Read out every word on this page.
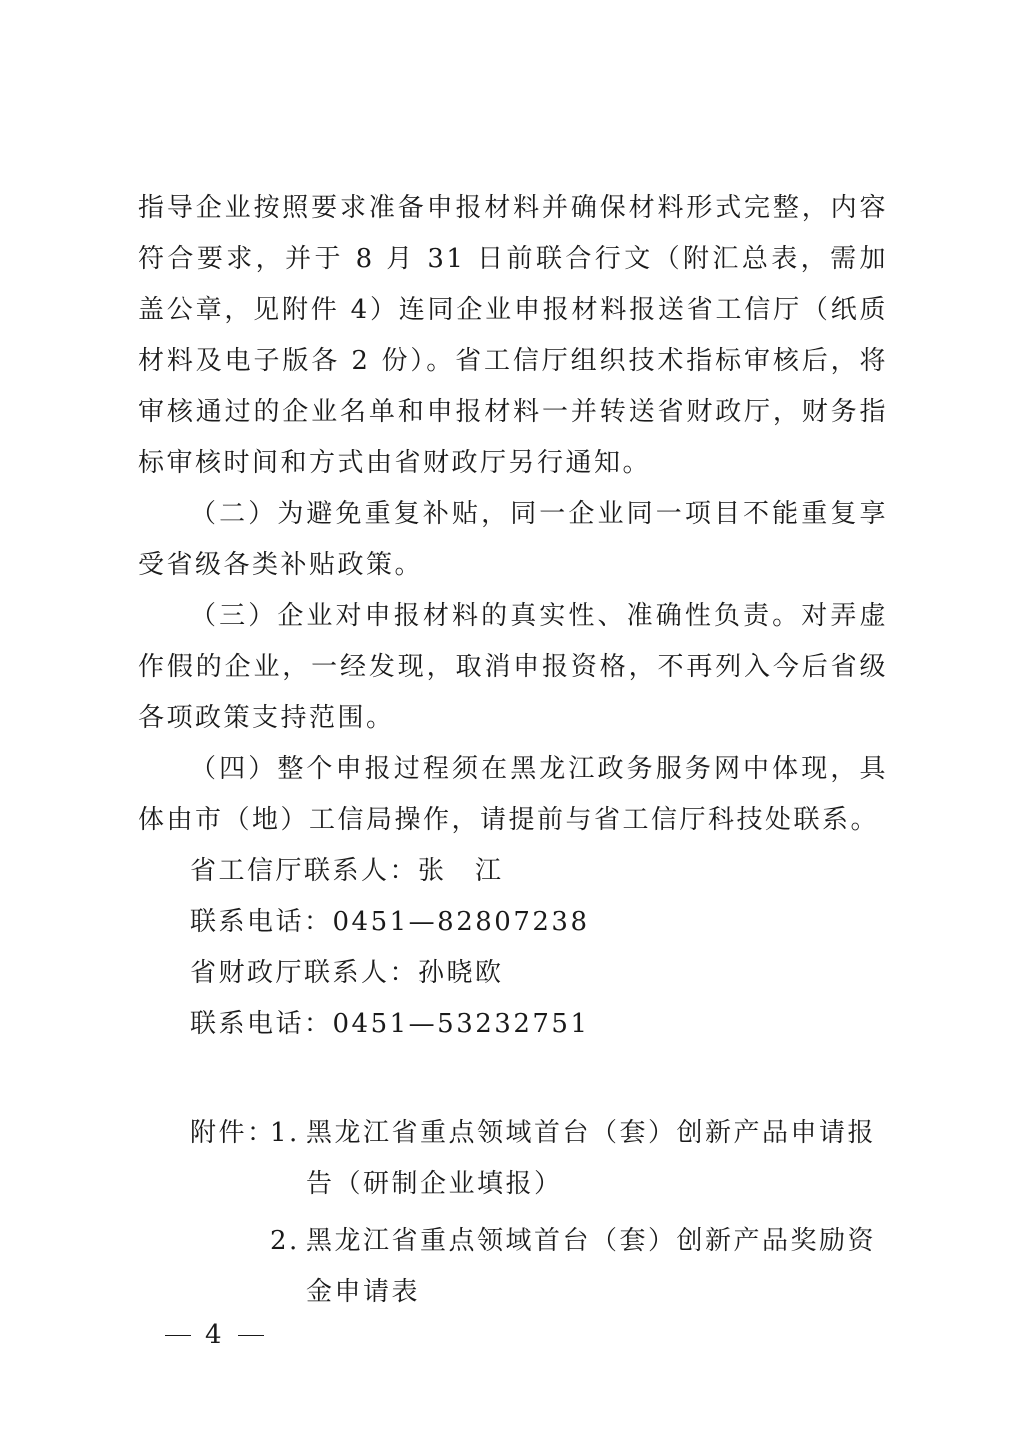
指导企业按照要求准备申报材料并确保材料形式完整，内容符合要求，并于 8 月 31 日前联合行文（附汇总表，需加盖公章，见附件 4）连同企业申报材料报送省工信厅（纸质材料及电子版各 2 份）。省工信厅组织技术指标审核后，将审核通过的企业名单和申报材料一并转送省财政厅，财务指标审核时间和方式由省财政厅另行通知。

（二）为避免重复补贴，同一企业同一项目不能重复享受省级各类补贴政策。

（三）企业对申报材料的真实性、准确性负责。对弄虚作假的企业，一经发现，取消申报资格，不再列入今后省级各项政策支持范围。

（四）整个申报过程须在黑龙江政务服务网中体现，具体由市（地）工信局操作，请提前与省工信厅科技处联系。

省工信厅联系人：张　江

联系电话：0451—82807238

省财政厅联系人：孙晓欧

联系电话：0451—53232751

附件：
1. 黑龙江省重点领域首台（套）创新产品申请报告（研制企业填报）
2. 黑龙江省重点领域首台（套）创新产品奖励资金申请表
4
